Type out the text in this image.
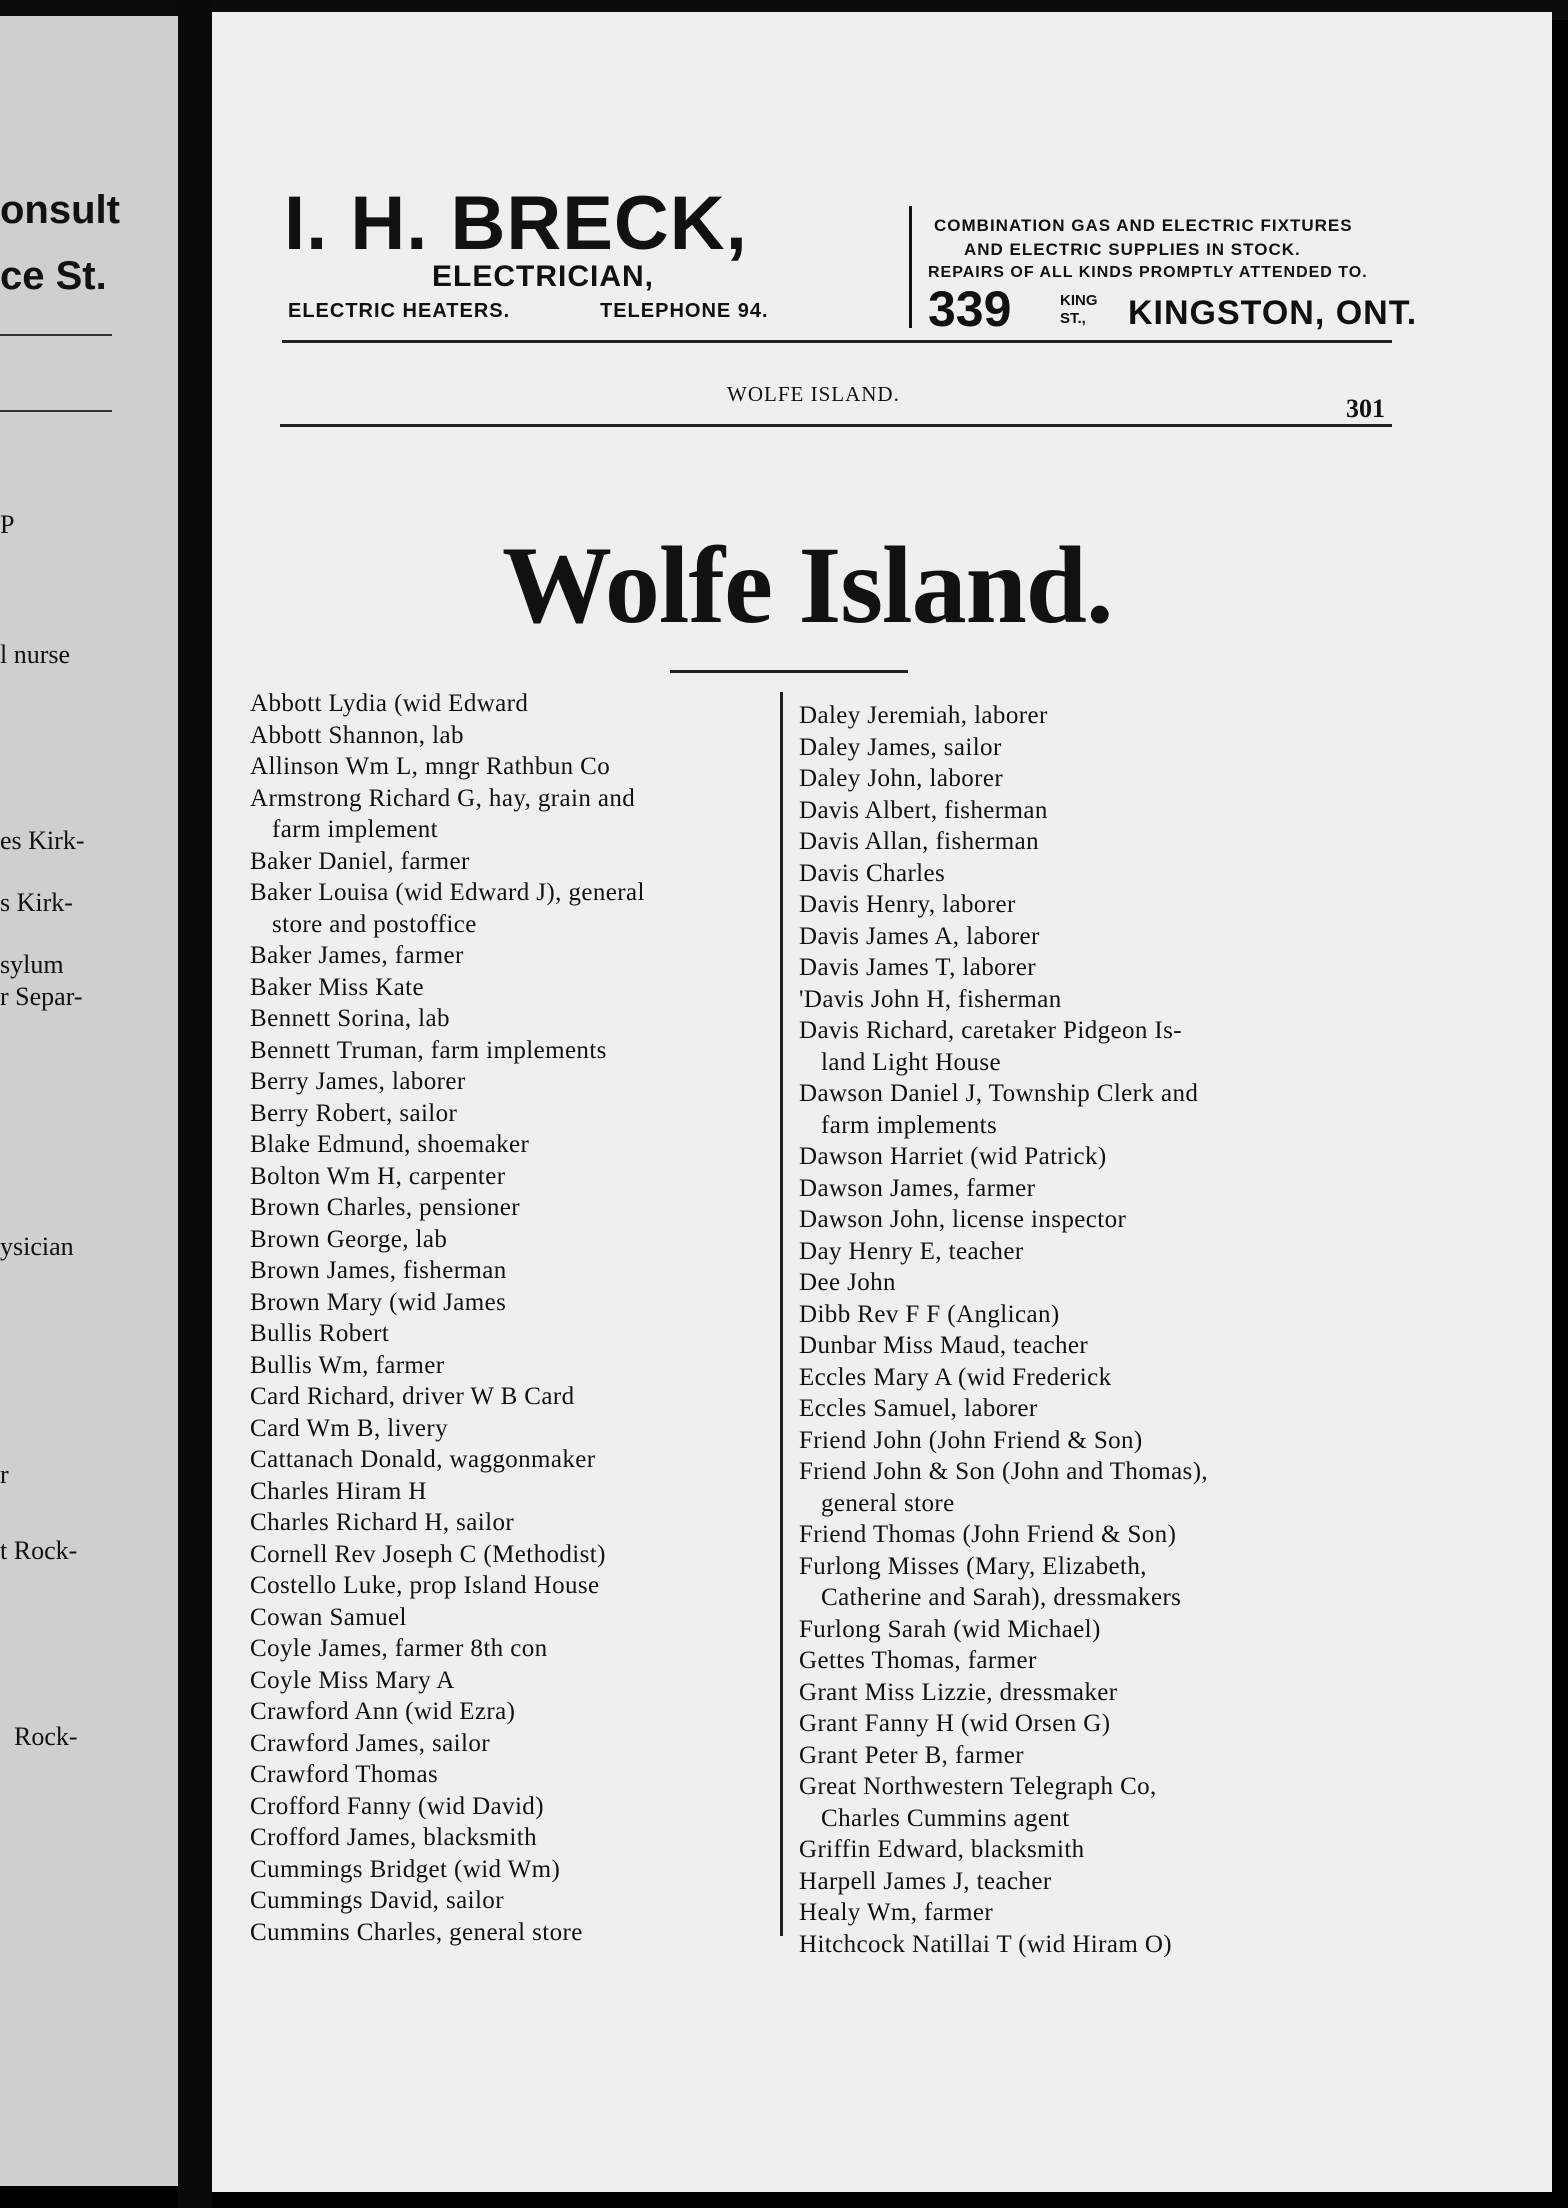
onsult
ce St.
P
l nurse
es Kirk-
s Kirk-
sylum
r Separ-
ysician
r
t Rock-
Rock-
I. H. BRECK,
ELECTRICIAN,
ELECTRIC HEATERS.	TELEPHONE 94.
COMBINATION GAS AND ELECTRIC FIXTURES
AND ELECTRIC SUPPLIES IN STOCK.
REPAIRS OF ALL KINDS PROMPTLY ATTENDED TO.
339	KING
ST.,	KINGSTON, ONT.
WOLFE ISLAND.	301
Wolfe Island.
Abbott Lydia (wid Edward
Abbott Shannon, lab
Allinson Wm L, mngr Rathbun Co
Armstrong Richard G, hay, grain and
farm implement
Baker Daniel, farmer
Baker Louisa (wid Edward J), general
store and postoffice
Baker James, farmer
Baker Miss Kate
Bennett Sorina, lab
Bennett Truman, farm implements
Berry James, laborer
Berry Robert, sailor
Blake Edmund, shoemaker
Bolton Wm H, carpenter
Brown Charles, pensioner
Brown George, lab
Brown James, fisherman
Brown Mary (wid James
Bullis Robert
Bullis Wm, farmer
Card Richard, driver W B Card
Card Wm B, livery
Cattanach Donald, waggonmaker
Charles Hiram H
Charles Richard H, sailor
Cornell Rev Joseph C (Methodist)
Costello Luke, prop Island House
Cowan Samuel
Coyle James, farmer 8th con
Coyle Miss Mary A
Crawford Ann (wid Ezra)
Crawford James, sailor
Crawford Thomas
Crofford Fanny (wid David)
Crofford James, blacksmith
Cummings Bridget (wid Wm)
Cummings David, sailor
Cummins Charles, general store
Daley Jeremiah, laborer
Daley James, sailor
Daley John, laborer
Davis Albert, fisherman
Davis Allan, fisherman
Davis Charles
Davis Henry, laborer
Davis James A, laborer
Davis James T, laborer
'Davis John H, fisherman
Davis Richard, caretaker Pidgeon Is-
land Light House
Dawson Daniel J, Township Clerk and
farm implements
Dawson Harriet (wid Patrick)
Dawson James, farmer
Dawson John, license inspector
Day Henry E, teacher
Dee John
Dibb Rev F F (Anglican)
Dunbar Miss Maud, teacher
Eccles Mary A (wid Frederick
Eccles Samuel, laborer
Friend John (John Friend & Son)
Friend John & Son (John and Thomas),
general store
Friend Thomas (John Friend & Son)
Furlong Misses (Mary, Elizabeth,
Catherine and Sarah), dressmakers
Furlong Sarah (wid Michael)
Gettes Thomas, farmer
Grant Miss Lizzie, dressmaker
Grant Fanny H (wid Orsen G)
Grant Peter B, farmer
Great Northwestern Telegraph Co,
Charles Cummins agent
Griffin Edward, blacksmith
Harpell James J, teacher
Healy Wm, farmer
Hitchcock Natillai T (wid Hiram O)
